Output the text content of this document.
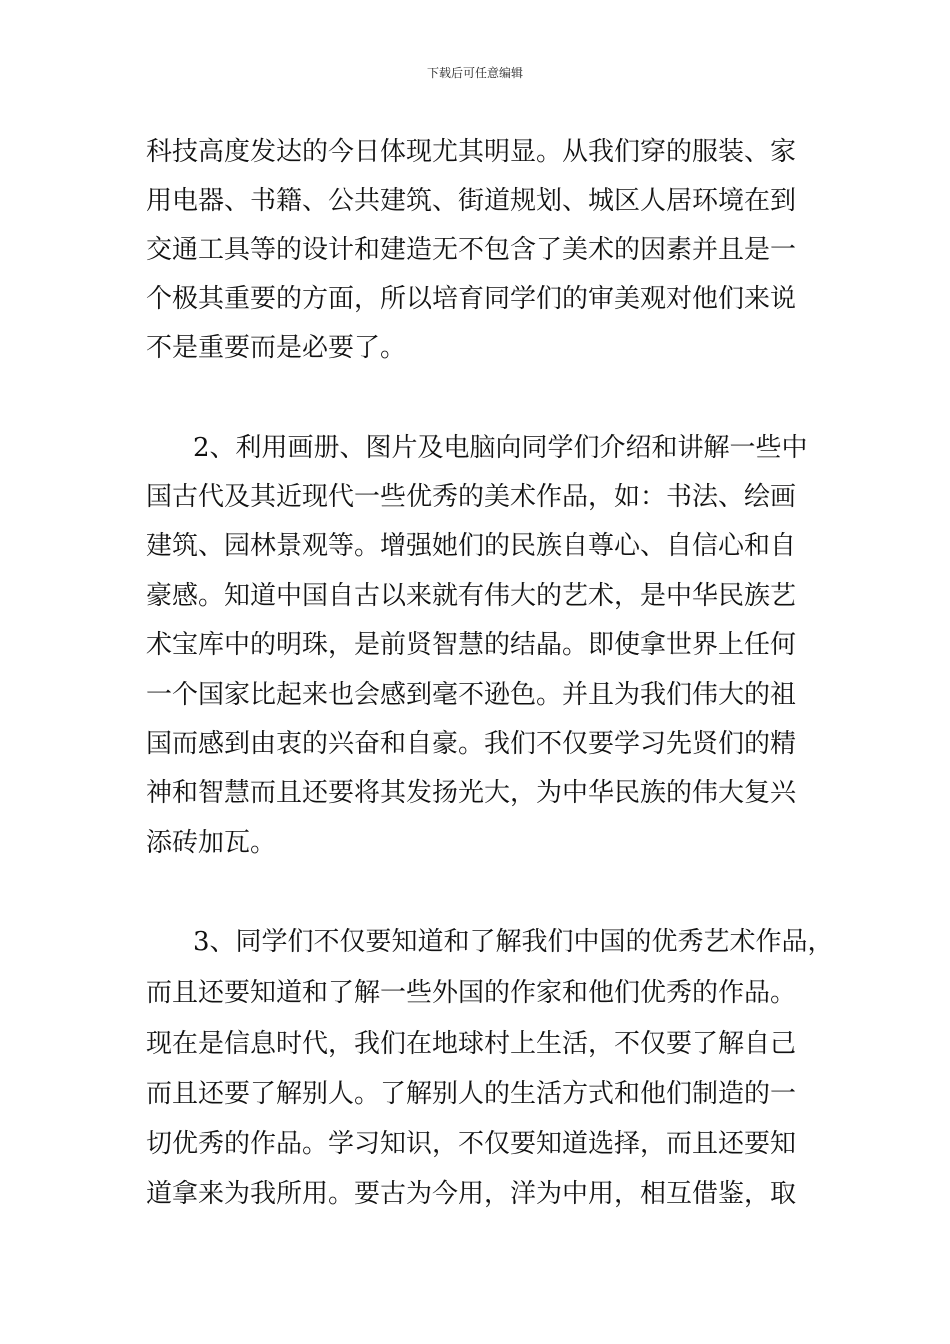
下载后可任意编辑
科技高度发达的今日体现尤其明显。从我们穿的服装、家
用电器、书籍、公共建筑、街道规划、城区人居环境在到
交通工具等的设计和建造无不包含了美术的因素并且是一
个极其重要的方面，所以培育同学们的审美观对他们来说
不是重要而是必要了。
2、利用画册、图片及电脑向同学们介绍和讲解一些中
国古代及其近现代一些优秀的美术作品，如：书法、绘画
建筑、园林景观等。增强她们的民族自尊心、自信心和自
豪感。知道中国自古以来就有伟大的艺术，是中华民族艺
术宝库中的明珠，是前贤智慧的结晶。即使拿世界上任何
一个国家比起来也会感到毫不逊色。并且为我们伟大的祖
国而感到由衷的兴奋和自豪。我们不仅要学习先贤们的精
神和智慧而且还要将其发扬光大，为中华民族的伟大复兴
添砖加瓦。
3、同学们不仅要知道和了解我们中国的优秀艺术作品，
而且还要知道和了解一些外国的作家和他们优秀的作品。
现在是信息时代，我们在地球村上生活，不仅要了解自己
而且还要了解别人。了解别人的生活方式和他们制造的一
切优秀的作品。学习知识，不仅要知道选择，而且还要知
道拿来为我所用。要古为今用，洋为中用，相互借鉴，取
